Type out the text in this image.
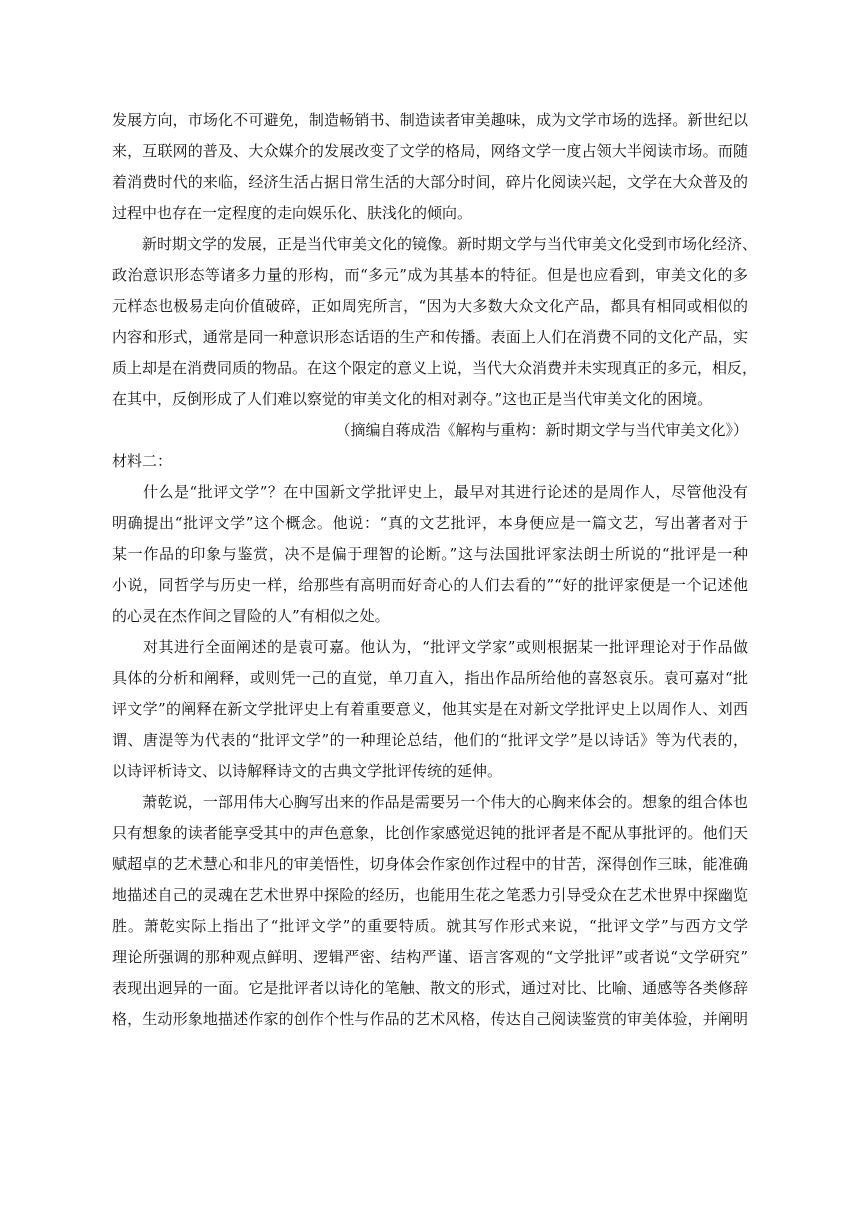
发展方向，市场化不可避免，制造畅销书、制造读者审美趣味，成为文学市场的选择。新世纪以
来，互联网的普及、大众媒介的发展改变了文学的格局，网络文学一度占领大半阅读市场。而随
着消费时代的来临，经济生活占据日常生活的大部分时间，碎片化阅读兴起，文学在大众普及的
过程中也存在一定程度的走向娱乐化、肤浅化的倾向。
　　新时期文学的发展，正是当代审美文化的镜像。新时期文学与当代审美文化受到市场化经济、
政治意识形态等诸多力量的形构，而“多元”成为其基本的特征。但是也应看到，审美文化的多
元样态也极易走向价值破碎，正如周宪所言，“因为大多数大众文化产品，都具有相同或相似的
内容和形式，通常是同一种意识形态话语的生产和传播。表面上人们在消费不同的文化产品，实
质上却是在消费同质的物品。在这个限定的意义上说，当代大众消费并未实现真正的多元，相反，
在其中，反倒形成了人们难以察觉的审美文化的相对剥夺。”这也正是当代审美文化的困境。

（摘编自蒋成浩《解构与重构：新时期文学与当代审美文化》）

材料二：

　　什么是“批评文学”？在中国新文学批评史上，最早对其进行论述的是周作人，尽管他没有
明确提出“批评文学”这个概念。他说：“真的文艺批评，本身便应是一篇文艺，写出著者对于
某一作品的印象与鉴赏，决不是偏于理智的论断。”这与法国批评家法朗士所说的“批评是一种
小说，同哲学与历史一样，给那些有高明而好奇心的人们去看的”“好的批评家便是一个记述他
的心灵在杰作间之冒险的人”有相似之处。
　　对其进行全面阐述的是袁可嘉。他认为，“批评文学家”或则根据某一批评理论对于作品做
具体的分析和阐释，或则凭一己的直觉，单刀直入，指出作品所给他的喜怒哀乐。袁可嘉对“批
评文学”的阐释在新文学批评史上有着重要意义，他其实是在对新文学批评史上以周作人、刘西
谓、唐湜等为代表的“批评文学”的一种理论总结，他们的“批评文学”是以诗话》等为代表的，
以诗评析诗文、以诗解释诗文的古典文学批评传统的延伸。
　　萧乾说，一部用伟大心胸写出来的作品是需要另一个伟大的心胸来体会的。想象的组合体也
只有想象的读者能享受其中的声色意象，比创作家感觉迟钝的批评者是不配从事批评的。他们天
赋超卓的艺术慧心和非凡的审美悟性，切身体会作家创作过程中的甘苦，深得创作三昧，能准确
地描述自己的灵魂在艺术世界中探险的经历，也能用生花之笔悉力引导受众在艺术世界中探幽览
胜。萧乾实际上指出了“批评文学”的重要特质。就其写作形式来说，“批评文学”与西方文学
理论所强调的那种观点鲜明、逻辑严密、结构严谨、语言客观的“文学批评”或者说“文学研究”
表现出迥异的一面。它是批评者以诗化的笔触、散文的形式，通过对比、比喻、通感等各类修辞
格，生动形象地描述作家的创作个性与作品的艺术风格，传达自己阅读鉴赏的审美体验，并阐明
